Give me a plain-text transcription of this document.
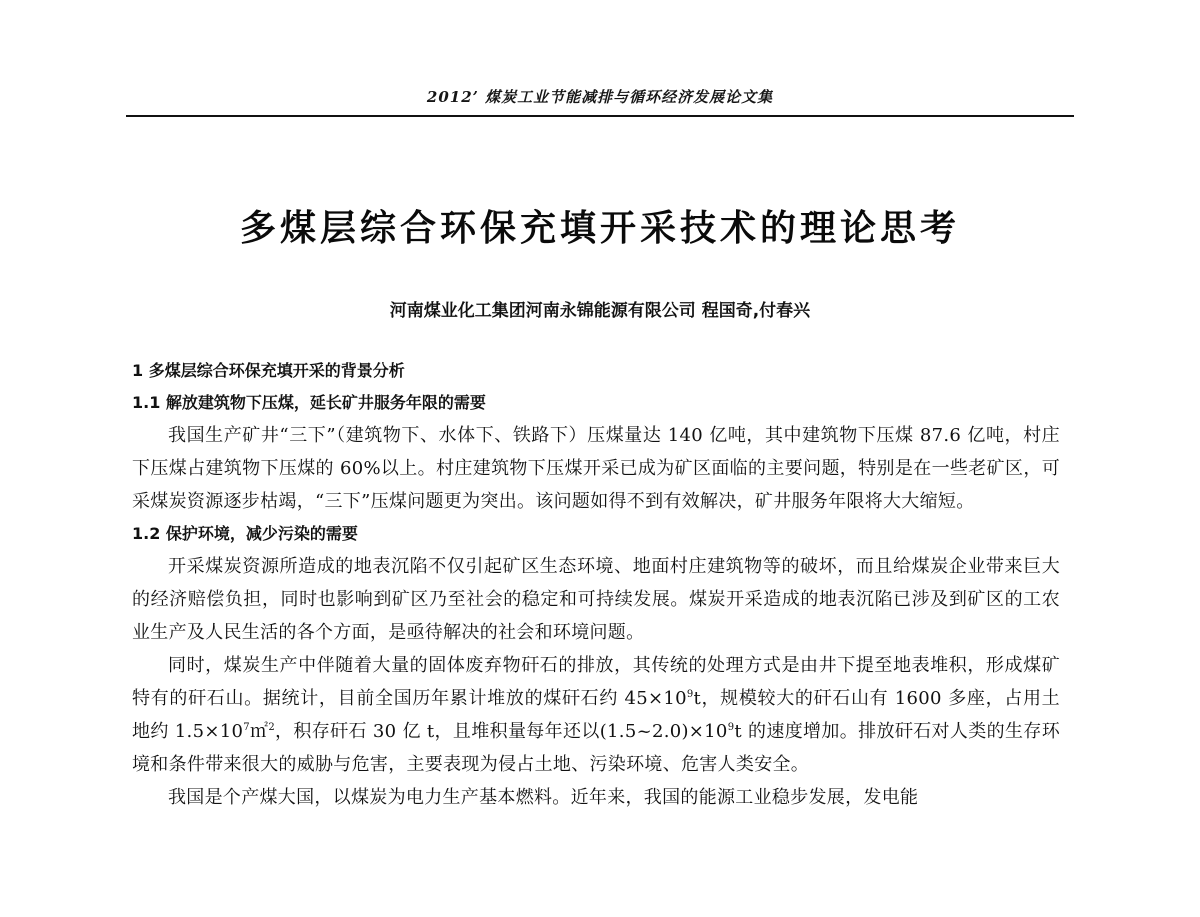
2012’ 煤炭工业节能减排与循环经济发展论文集
多煤层综合环保充填开采技术的理论思考
河南煤业化工集团河南永锦能源有限公司 程国奇,付春兴
1 多煤层综合环保充填开采的背景分析
1.1 解放建筑物下压煤，延长矿井服务年限的需要

我国生产矿井“三下”（建筑物下、水体下、铁路下）压煤量达 140 亿吨，其中建筑物下压煤 87.6 亿吨，村庄下压煤占建筑物下压煤的 60%以上。村庄建筑物下压煤开采已成为矿区面临的主要问题，特别是在一些老矿区，可采煤炭资源逐步枯竭，“三下”压煤问题更为突出。该问题如得不到有效解决，矿井服务年限将大大缩短。

1.2 保护环境，减少污染的需要

开采煤炭资源所造成的地表沉陷不仅引起矿区生态环境、地面村庄建筑物等的破坏，而且给煤炭企业带来巨大的经济赔偿负担，同时也影响到矿区乃至社会的稳定和可持续发展。煤炭开采造成的地表沉陷已涉及到矿区的工农业生产及人民生活的各个方面，是亟待解决的社会和环境问题。

同时，煤炭生产中伴随着大量的固体废弃物矸石的排放，其传统的处理方式是由井下提至地表堆积，形成煤矿特有的矸石山。据统计，目前全国历年累计堆放的煤矸石约 $45\times 10^9t$，规模较大的矸石山有 1600 多座，占用土地约 $1.5\times 10^7㎡^2$，积存矸石 30 亿 t，且堆积量每年还以$(1.5\sim 2.0)\times 10^9t$ 的速度增加。排放矸石对人类的生存环境和条件带来很大的威胁与危害，主要表现为侵占土地、污染环境、危害人类安全。

我国是个产煤大国，以煤炭为电力生产基本燃料。近年来，我国的能源工业稳步发展，发电能
